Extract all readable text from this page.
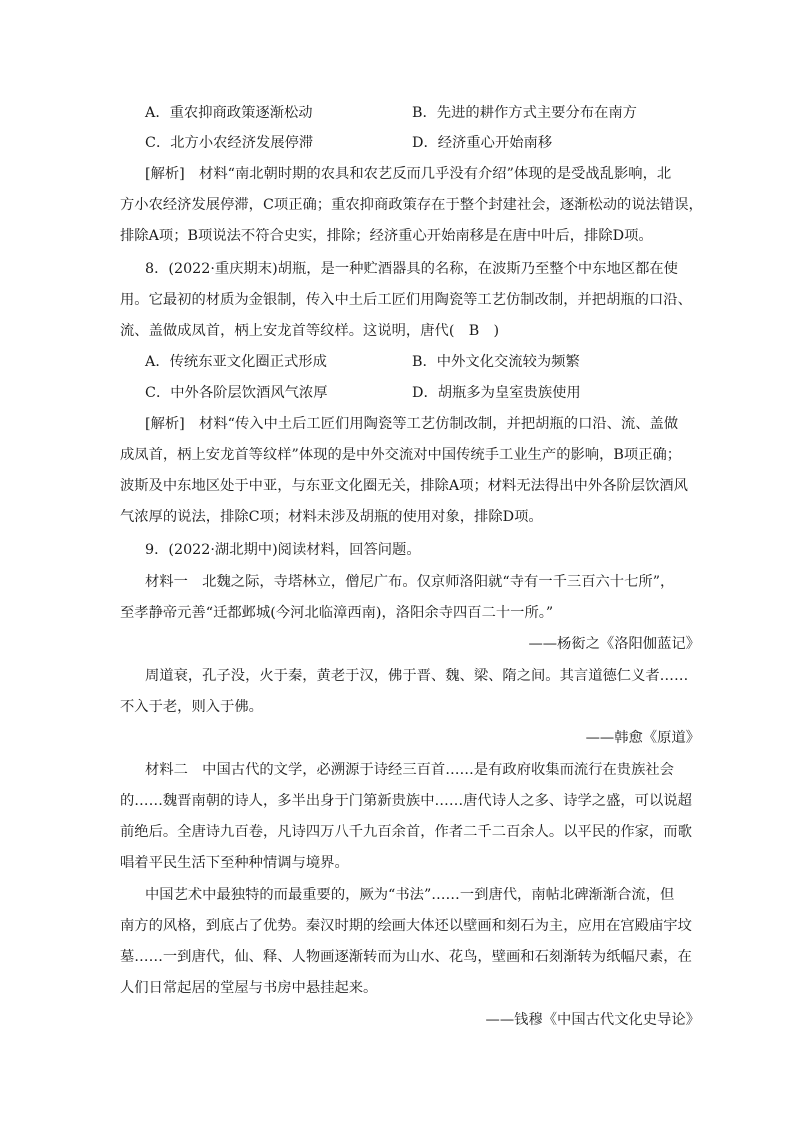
A．重农抑商政策逐渐松动	B．先进的耕作方式主要分布在南方
C．北方小农经济发展停滞	D．经济重心开始南移
[解析]　材料“南北朝时期的农具和农艺反而几乎没有介绍”体现的是受战乱影响，北
方小农经济发展停滞，C项正确；重农抑商政策存在于整个封建社会，逐渐松动的说法错误，
排除A项；B项说法不符合史实，排除；经济重心开始南移是在唐中叶后，排除D项。
8．(2022·重庆期末)胡瓶，是一种贮酒器具的名称，在波斯乃至整个中东地区都在使
用。它最初的材质为金银制，传入中土后工匠们用陶瓷等工艺仿制改制，并把胡瓶的口沿、
流、盖做成凤首，柄上安龙首等纹样。这说明，唐代(　B　)
A．传统东亚文化圈正式形成	B．中外文化交流较为频繁
C．中外各阶层饮酒风气浓厚	D．胡瓶多为皇室贵族使用
[解析]　材料“传入中土后工匠们用陶瓷等工艺仿制改制，并把胡瓶的口沿、流、盖做
成凤首，柄上安龙首等纹样”体现的是中外交流对中国传统手工业生产的影响，B项正确；
波斯及中东地区处于中亚，与东亚文化圈无关，排除A项；材料无法得出中外各阶层饮酒风
气浓厚的说法，排除C项；材料未涉及胡瓶的使用对象，排除D项。
9．(2022·湖北期中)阅读材料，回答问题。
材料一　北魏之际，寺塔林立，僧尼广布。仅京师洛阳就“寺有一千三百六十七所”，
至孝静帝元善“迁都邺城(今河北临漳西南)，洛阳余寺四百二十一所。”
——杨衒之《洛阳伽蓝记》
周道衰，孔子没，火于秦，黄老于汉，佛于晋、魏、梁、隋之间。其言道德仁义者……
不入于老，则入于佛。
——韩愈《原道》
材料二　中国古代的文学，必溯源于诗经三百首……是有政府收集而流行在贵族社会
的……魏晋南朝的诗人，多半出身于门第新贵族中……唐代诗人之多、诗学之盛，可以说超
前绝后。全唐诗九百卷，凡诗四万八千九百余首，作者二千二百余人。以平民的作家，而歌
唱着平民生活下至种种情调与境界。
中国艺术中最独特的而最重要的，厥为“书法”……一到唐代，南帖北碑渐渐合流，但
南方的风格，到底占了优势。秦汉时期的绘画大体还以壁画和刻石为主，应用在宫殿庙宇坟
墓……一到唐代，仙、释、人物画逐渐转而为山水、花鸟，壁画和石刻渐转为纸幅尺素，在
人们日常起居的堂屋与书房中悬挂起来。
——钱穆《中国古代文化史导论》
